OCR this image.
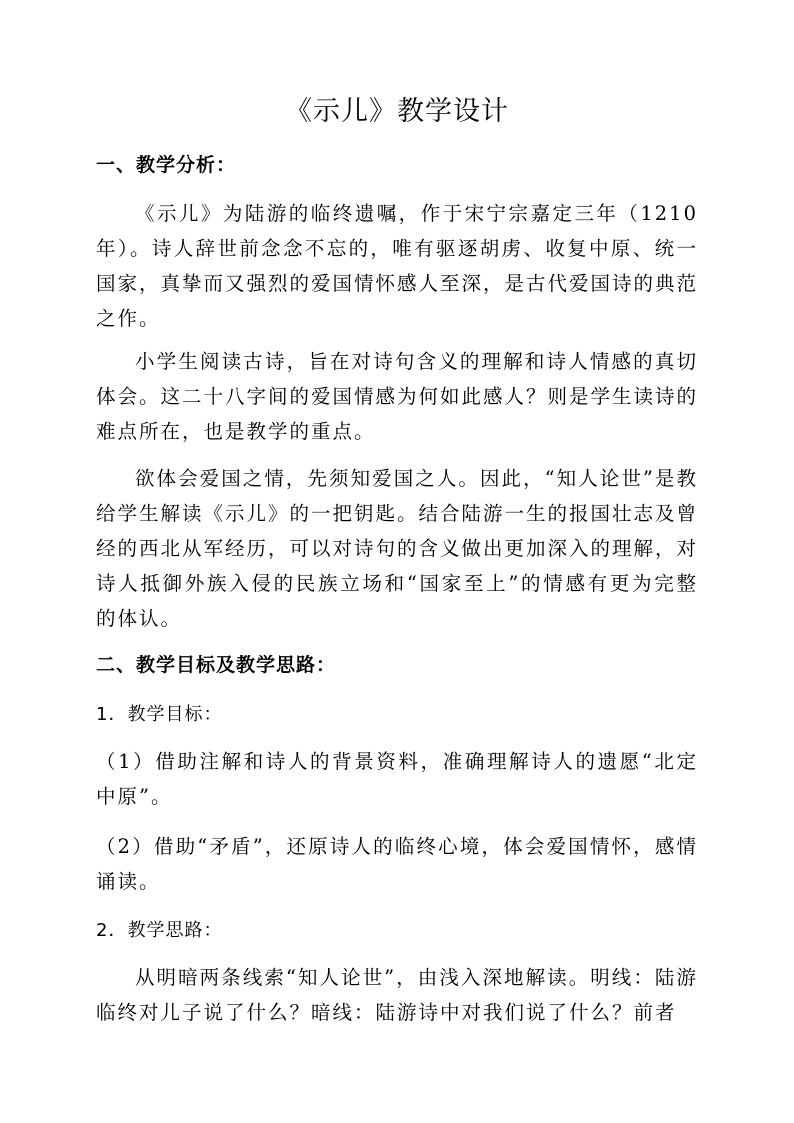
《示儿》教学设计
一、教学分析：
《示儿》为陆游的临终遗嘱，作于宋宁宗嘉定三年（1210年）。诗人辞世前念念不忘的，唯有驱逐胡虏、收复中原、统一国家，真挚而又强烈的爱国情怀感人至深，是古代爱国诗的典范之作。
小学生阅读古诗，旨在对诗句含义的理解和诗人情感的真切体会。这二十八字间的爱国情感为何如此感人？则是学生读诗的难点所在，也是教学的重点。
欲体会爱国之情，先须知爱国之人。因此，“知人论世”是教给学生解读《示儿》的一把钥匙。结合陆游一生的报国壮志及曾经的西北从军经历，可以对诗句的含义做出更加深入的理解，对诗人抵御外族入侵的民族立场和“国家至上”的情感有更为完整的体认。
二、教学目标及教学思路：
1．教学目标：
（1）借助注解和诗人的背景资料，准确理解诗人的遗愿“北定中原”。
（2）借助“矛盾”，还原诗人的临终心境，体会爱国情怀，感情诵读。
2．教学思路：
从明暗两条线索“知人论世”，由浅入深地解读。明线：陆游临终对儿子说了什么？暗线：陆游诗中对我们说了什么？前者
